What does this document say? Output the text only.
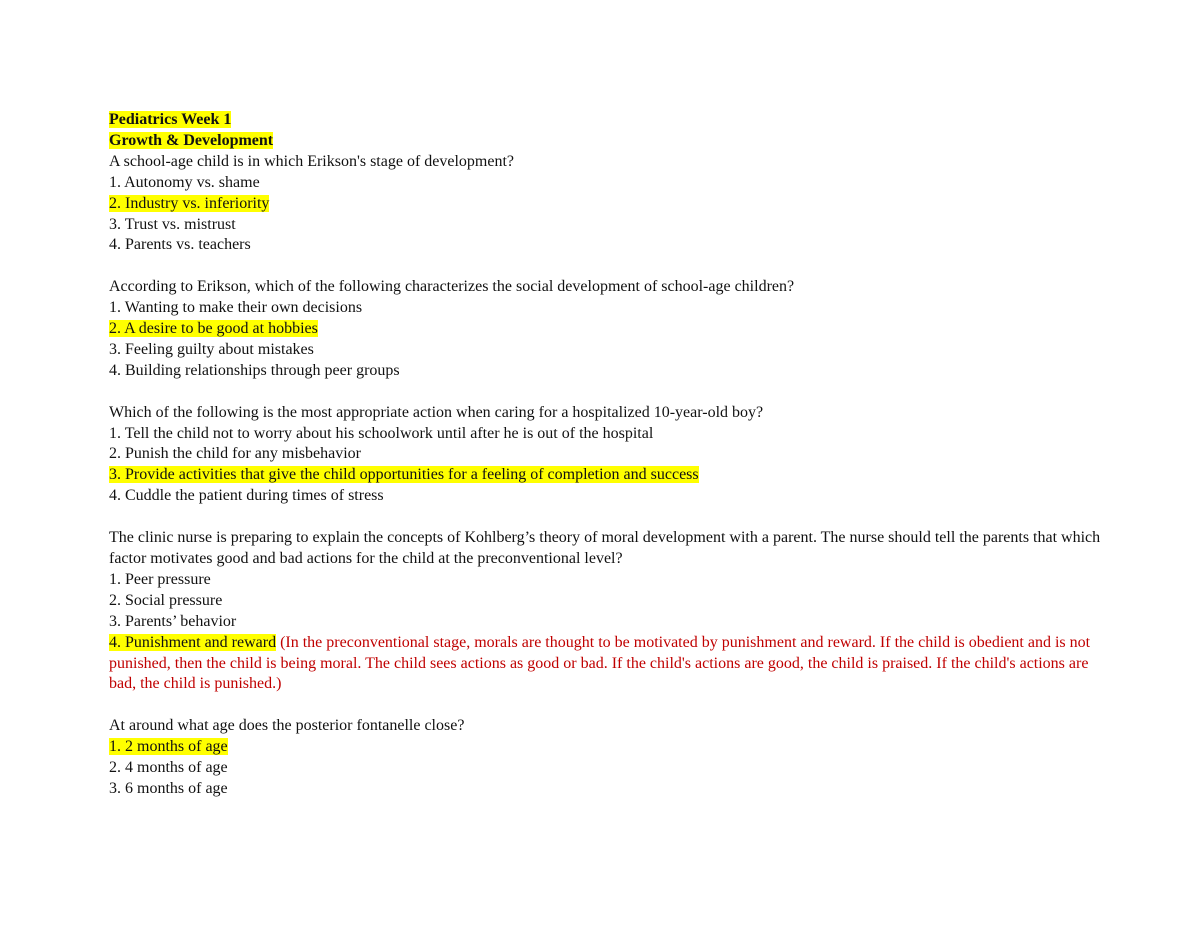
Pediatrics Week 1
Growth & Development
A school-age child is in which Erikson's stage of development?
1. Autonomy vs. shame
2. Industry vs. inferiority
3. Trust vs. mistrust
4. Parents vs. teachers
According to Erikson, which of the following characterizes the social development of school-age children?
1. Wanting to make their own decisions
2. A desire to be good at hobbies
3. Feeling guilty about mistakes
4. Building relationships through peer groups
Which of the following is the most appropriate action when caring for a hospitalized 10-year-old boy?
1. Tell the child not to worry about his schoolwork until after he is out of the hospital
2. Punish the child for any misbehavior
3. Provide activities that give the child opportunities for a feeling of completion and success
4. Cuddle the patient during times of stress
The clinic nurse is preparing to explain the concepts of Kohlberg’s theory of moral development with a parent. The nurse should tell the parents that which factor motivates good and bad actions for the child at the preconventional level?
1. Peer pressure
2. Social pressure
3. Parents’ behavior
4. Punishment and reward (In the preconventional stage, morals are thought to be motivated by punishment and reward. If the child is obedient and is not punished, then the child is being moral. The child sees actions as good or bad. If the child's actions are good, the child is praised. If the child's actions are bad, the child is punished.)
At around what age does the posterior fontanelle close?
1. 2 months of age
2. 4 months of age
3. 6 months of age
